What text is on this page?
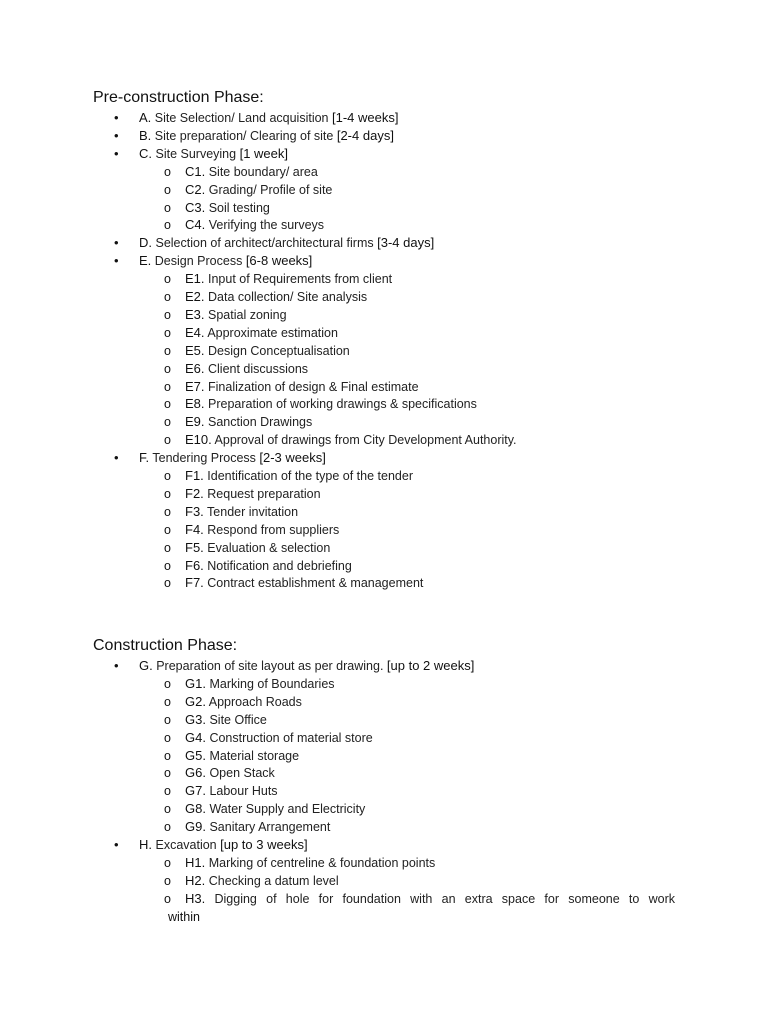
Pre-construction Phase:
• A. Site Selection/ Land acquisition [1-4 weeks]
• B. Site preparation/ Clearing of site [2-4 days]
• C. Site Surveying [1 week]
o C1. Site boundary/ area
o C2. Grading/ Profile of site
o C3. Soil testing
o C4. Verifying the surveys
• D. Selection of architect/architectural firms [3-4 days]
• E. Design Process [6-8 weeks]
o E1. Input of Requirements from client
o E2. Data collection/ Site analysis
o E3. Spatial zoning
o E4. Approximate estimation
o E5. Design Conceptualisation
o E6. Client discussions
o E7. Finalization of design & Final estimate
o E8. Preparation of working drawings & specifications
o E9. Sanction Drawings
o E10. Approval of drawings from City Development Authority.
• F. Tendering Process [2-3 weeks]
o F1. Identification of the type of the tender
o F2. Request preparation
o F3. Tender invitation
o F4. Respond from suppliers
o F5. Evaluation & selection
o F6. Notification and debriefing
o F7. Contract establishment & management
Construction Phase:
• G. Preparation of site layout as per drawing. [up to 2 weeks]
o G1. Marking of Boundaries
o G2. Approach Roads
o G3. Site Office
o G4. Construction of material store
o G5. Material storage
o G6. Open Stack
o G7. Labour Huts
o G8. Water Supply and Electricity
o G9. Sanitary Arrangement
• H. Excavation [up to 3 weeks]
o H1. Marking of centreline & foundation points
o H2. Checking a datum level
o H3. Digging of hole for foundation with an extra space for someone to work
within
